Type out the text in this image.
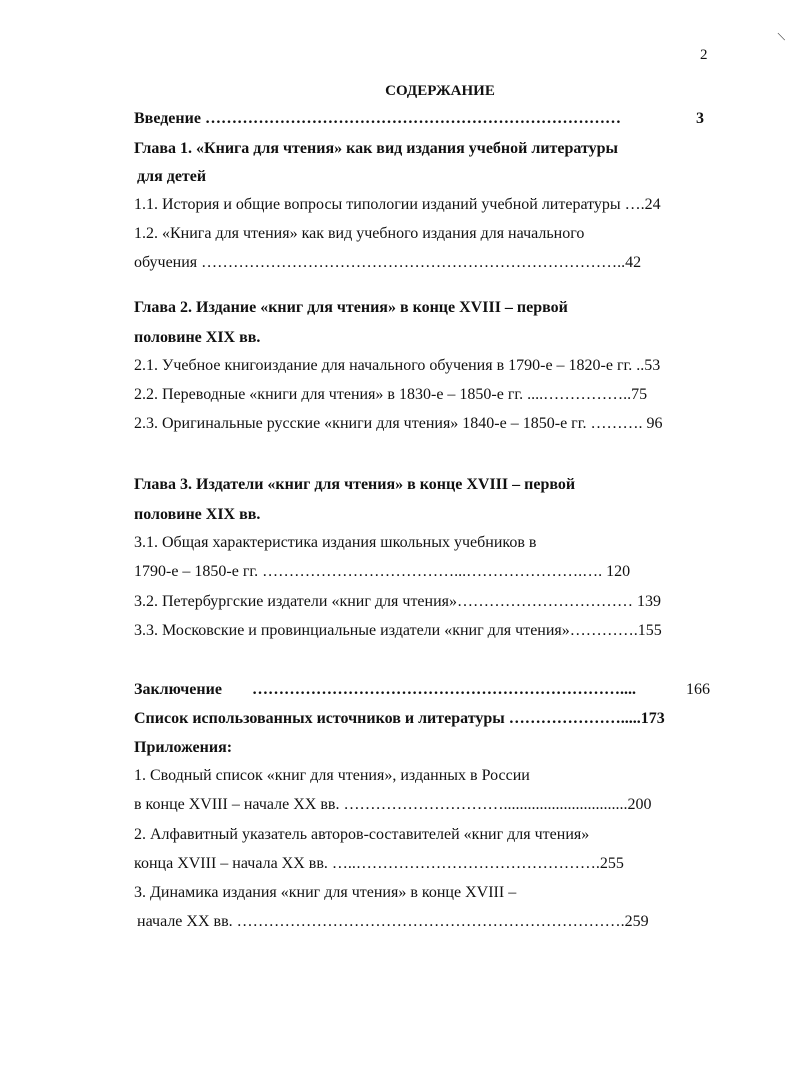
2
\
СОДЕРЖАНИЕ
Введение ……………………………………………………………………	3
Глава 1. «Книга для чтения» как вид издания учебной литературы
для детей
1.1. История и общие вопросы типологии изданий учебной литературы ….24
1.2. «Книга для чтения» как вид учебного издания для начального
обучения ……………………………………………………………………..42
Глава 2. Издание «книг для чтения» в конце XVIII – первой
половине XIX вв.
2.1. Учебное книгоиздание для начального обучения в 1790-е – 1820-е гг. ..53
2.2. Переводные «книги для чтения» в 1830-е – 1850-е гг. ....……………..75
2.3. Оригинальные русские «книги для чтения» 1840-е – 1850-е гг. ………. 96
Глава 3. Издатели «книг для чтения» в конце XVIII – первой
половине XIX вв.
3.1. Общая характеристика издания школьных учебников в
1790-е – 1850-е гг. ………………………………...………………….…. 120
3.2. Петербургские издатели «книг для чтения»…………………………… 139
3.3. Московские и провинциальные издатели «книг для чтения»………….155
Заключение ……………………………………………………………....	166
Список использованных источников и литературы ………………….....173
Приложения:
1. Сводный список «книг для чтения», изданных в России
в конце XVIII – начале XX вв. …………………………...............................200
2. Алфавитный указатель авторов-составителей «книг для чтения»
конца XVIII – начала XX вв. …..……………………………………….255
3. Динамика издания «книг для чтения» в конце XVIII –
начале XX вв. ……………………………………………………………….259
